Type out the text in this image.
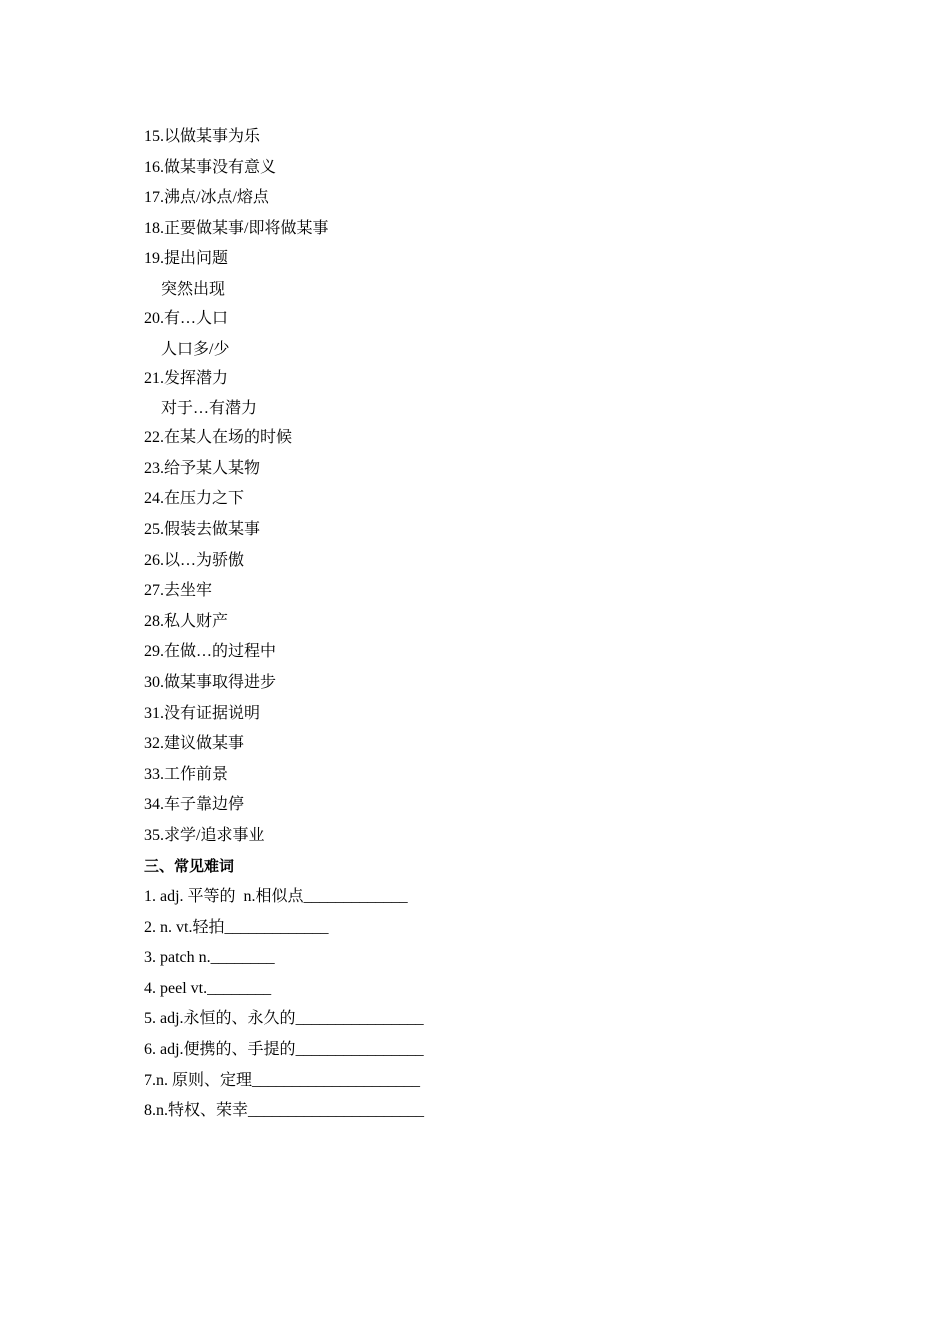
15.以做某事为乐
16.做某事没有意义
17.沸点/冰点/熔点
18.正要做某事/即将做某事
19.提出问题
突然出现
20.有…人口
人口多/少
21.发挥潜力
对于…有潜力
22.在某人在场的时候
23.给予某人某物
24.在压力之下
25.假装去做某事
26.以…为骄傲
27.去坐牢
28.私人财产
29.在做…的过程中
30.做某事取得进步
31.没有证据说明
32.建议做某事
33.工作前景
34.车子靠边停
35.求学/追求事业
三、常见难词
1. adj. 平等的  n.相似点_____________
2. n. vt.轻拍_____________
3. patch n.________
4. peel vt.________
5. adj.永恒的、永久的________________
6. adj.便携的、手提的________________
7.n. 原则、定理_____________________
8.n.特权、荣幸______________________
